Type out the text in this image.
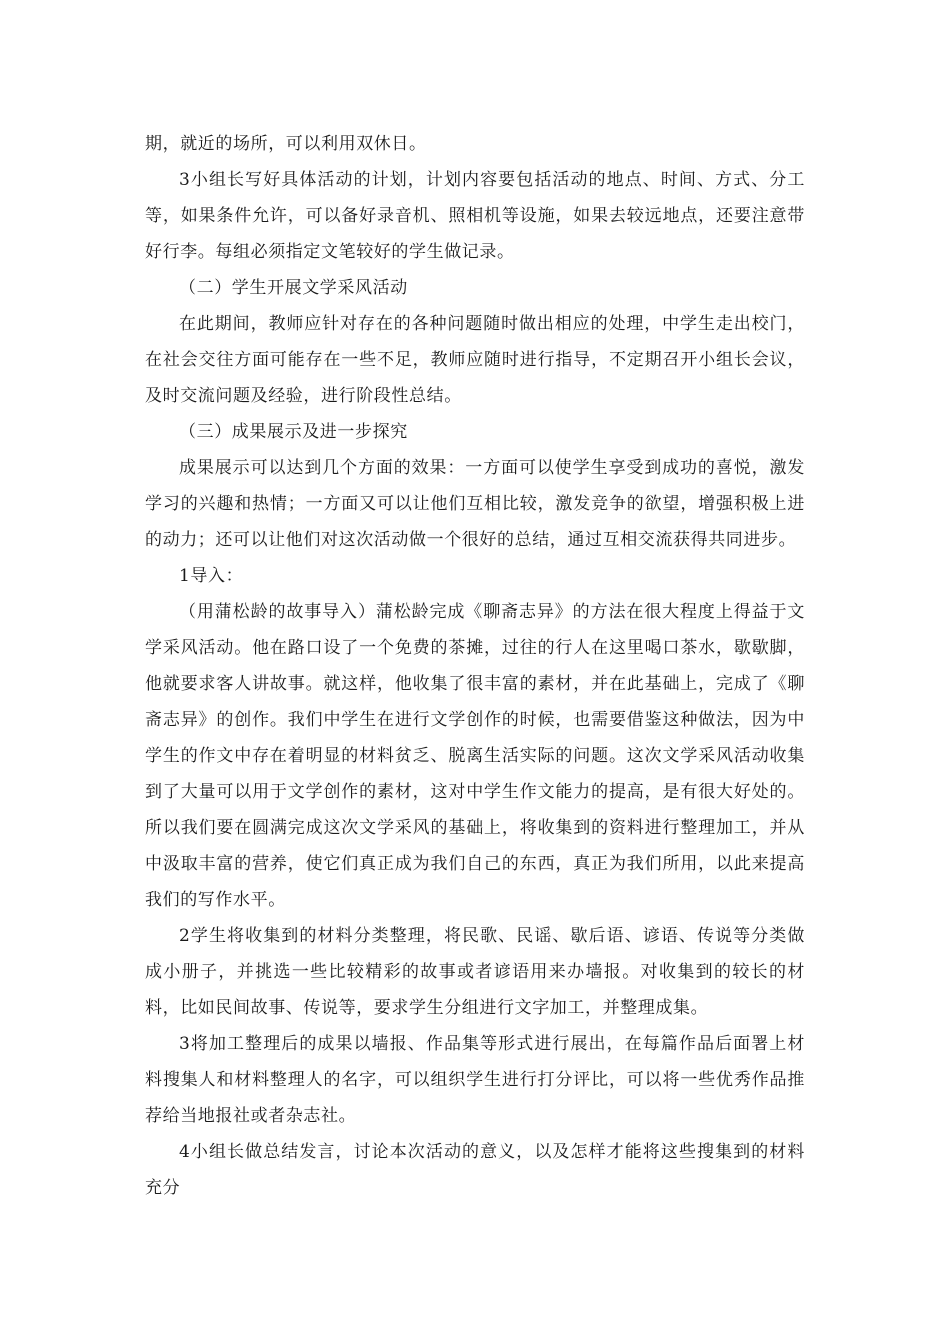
期，就近的场所，可以利用双休日。

3小组长写好具体活动的计划，计划内容要包括活动的地点、时间、方式、分工等，如果条件允许，可以备好录音机、照相机等设施，如果去较远地点，还要注意带好行李。每组必须指定文笔较好的学生做记录。

（二）学生开展文学采风活动

在此期间，教师应针对存在的各种问题随时做出相应的处理，中学生走出校门，在社会交往方面可能存在一些不足，教师应随时进行指导，不定期召开小组长会议，及时交流问题及经验，进行阶段性总结。

（三）成果展示及进一步探究

成果展示可以达到几个方面的效果：一方面可以使学生享受到成功的喜悦，激发学习的兴趣和热情；一方面又可以让他们互相比较，激发竞争的欲望，增强积极上进的动力；还可以让他们对这次活动做一个很好的总结，通过互相交流获得共同进步。

1导入：

（用蒲松龄的故事导入）蒲松龄完成《聊斋志异》的方法在很大程度上得益于文学采风活动。他在路口设了一个免费的茶摊，过往的行人在这里喝口茶水，歇歇脚，他就要求客人讲故事。就这样，他收集了很丰富的素材，并在此基础上，完成了《聊斋志异》的创作。我们中学生在进行文学创作的时候，也需要借鉴这种做法，因为中学生的作文中存在着明显的材料贫乏、脱离生活实际的问题。这次文学采风活动收集到了大量可以用于文学创作的素材，这对中学生作文能力的提高，是有很大好处的。所以我们要在圆满完成这次文学采风的基础上，将收集到的资料进行整理加工，并从中汲取丰富的营养，使它们真正成为我们自己的东西，真正为我们所用，以此来提高我们的写作水平。

2学生将收集到的材料分类整理，将民歌、民谣、歇后语、谚语、传说等分类做成小册子，并挑选一些比较精彩的故事或者谚语用来办墙报。对收集到的较长的材料，比如民间故事、传说等，要求学生分组进行文字加工，并整理成集。

3将加工整理后的成果以墙报、作品集等形式进行展出，在每篇作品后面署上材料搜集人和材料整理人的名字，可以组织学生进行打分评比，可以将一些优秀作品推荐给当地报社或者杂志社。

4小组长做总结发言，讨论本次活动的意义，以及怎样才能将这些搜集到的材料充分
